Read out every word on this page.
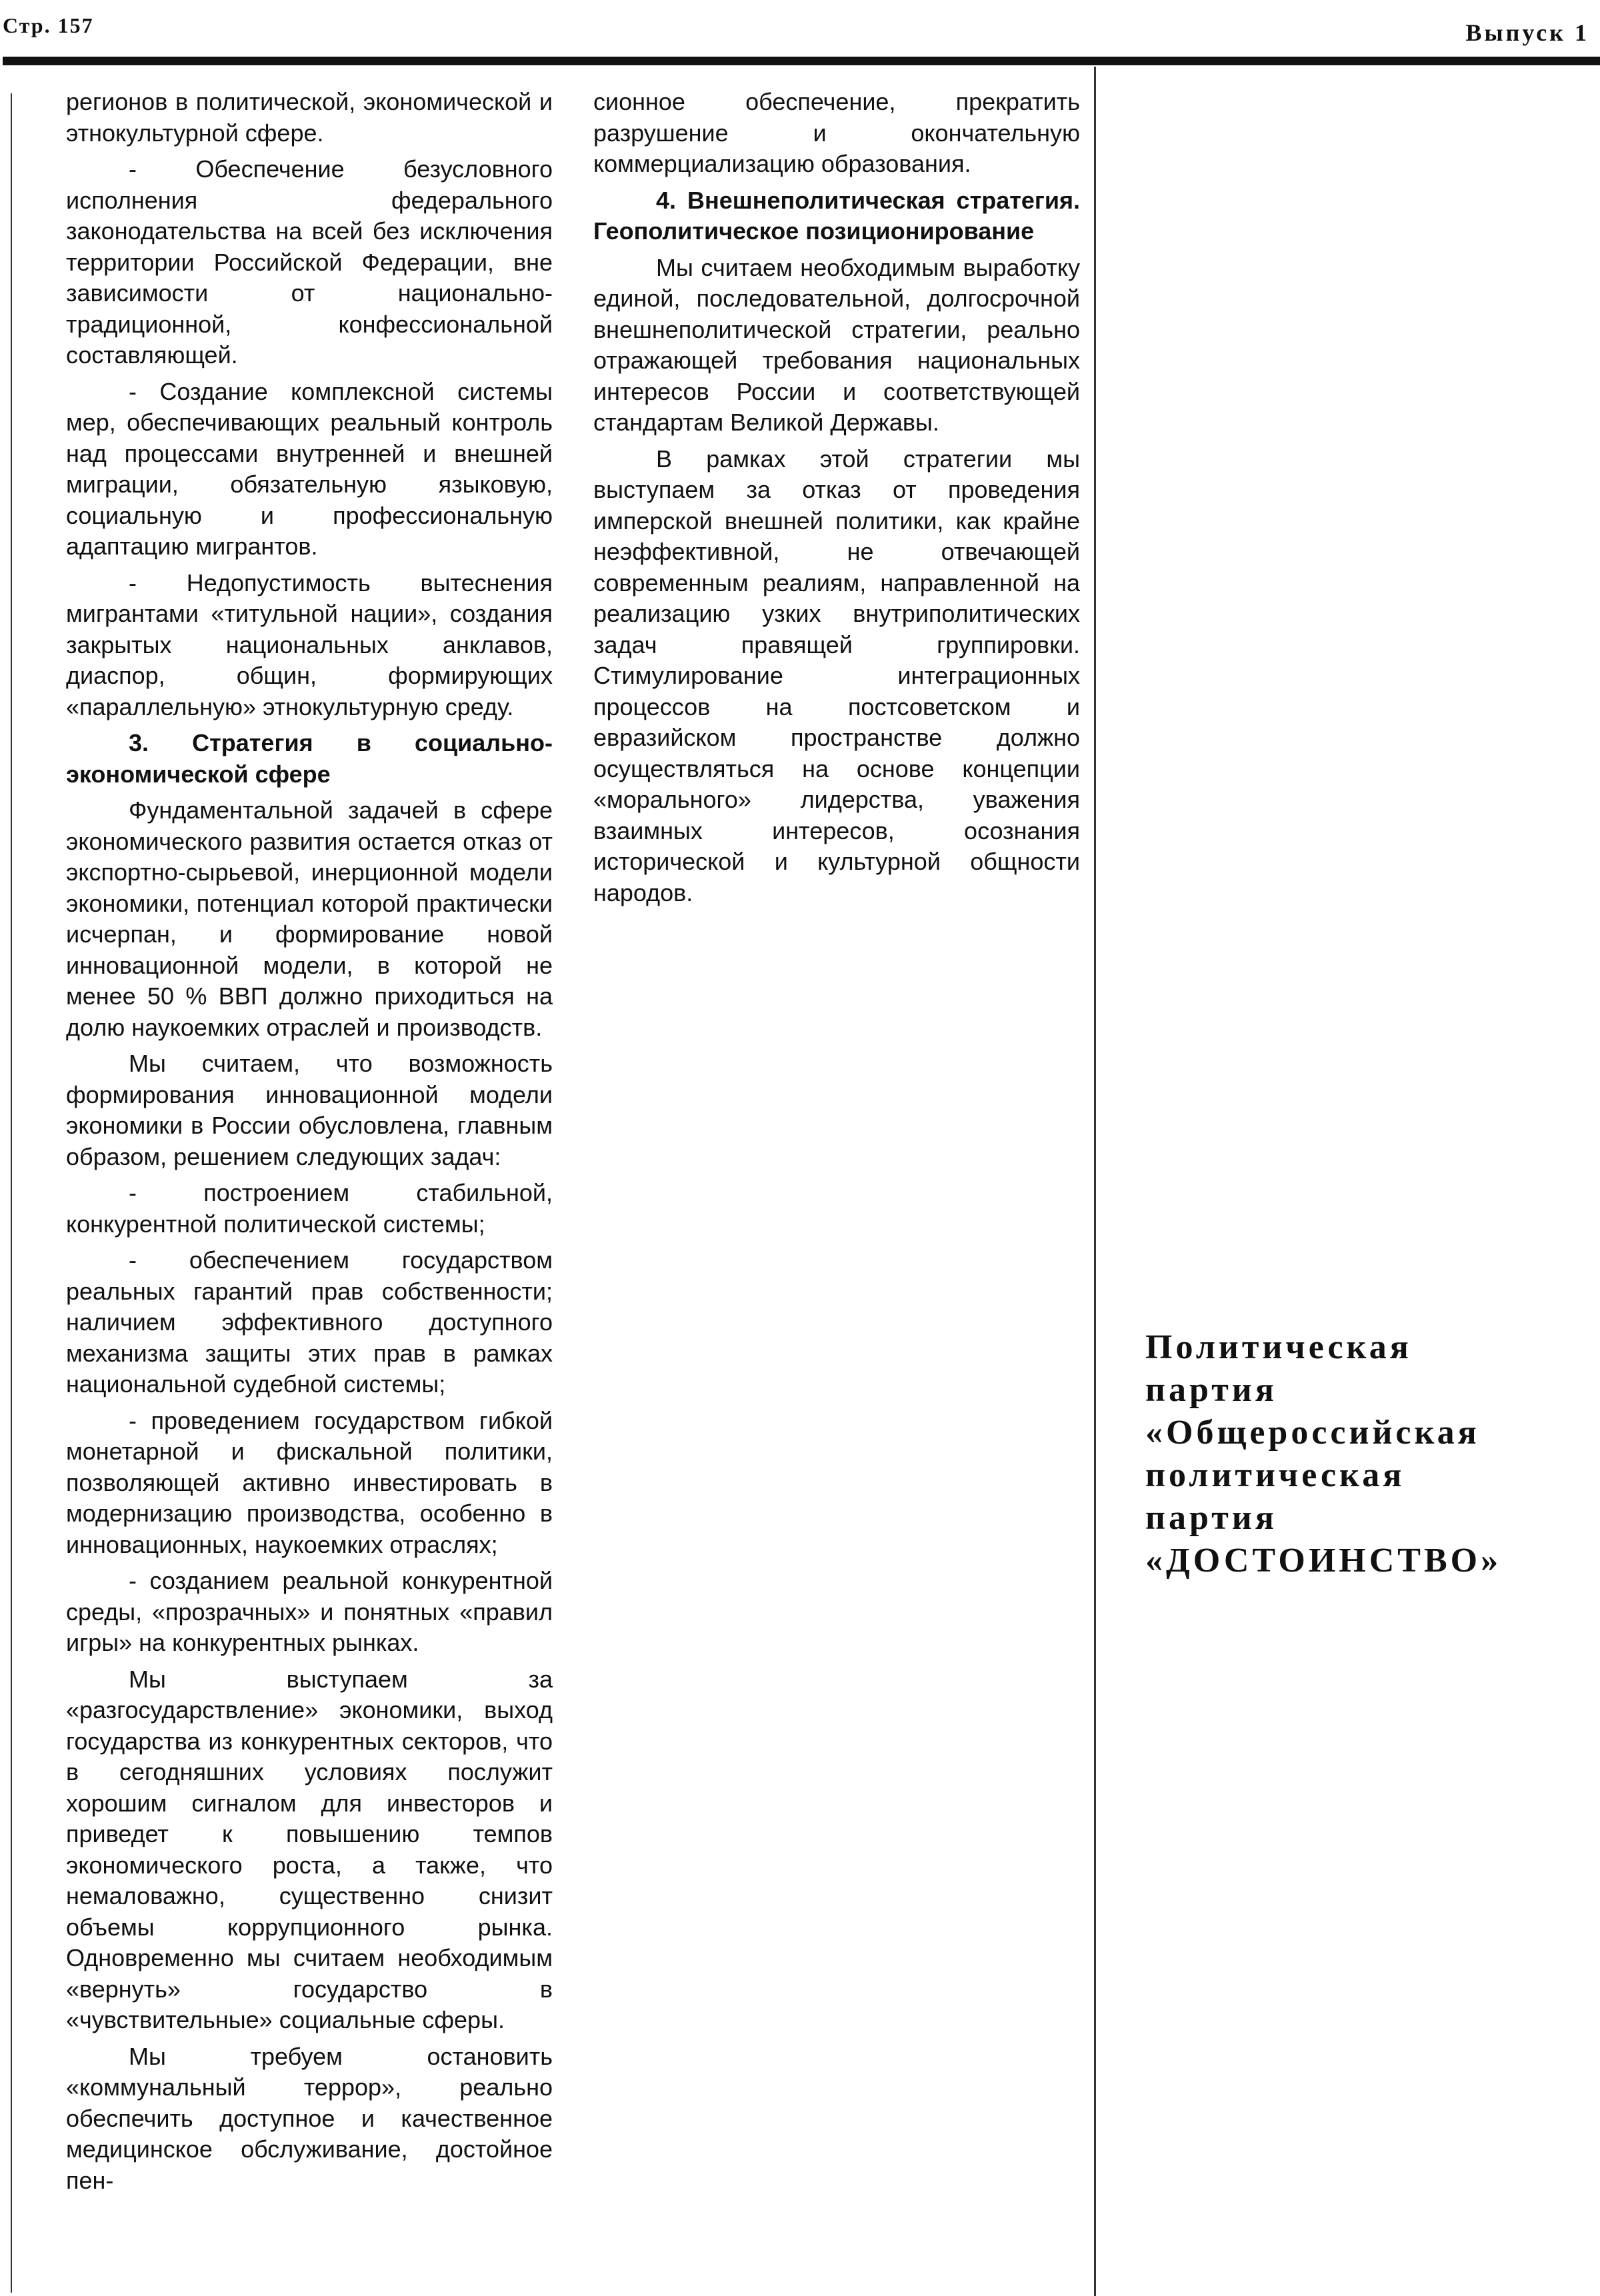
Стр. 157	Выпуск 1

регионов в политической, экономической и этнокультурной сфере.

- Обеспечение безусловного исполнения федерального законодательства на всей без исключения территории Российской Федерации, вне зависимости от национально-традиционной, конфессиональной составляющей.

- Создание комплексной системы мер, обеспечивающих реальный контроль над процессами внутренней и внешней миграции, обязательную языковую, социальную и профессиональную адаптацию мигрантов.

- Недопустимость вытеснения мигрантами «титульной нации», создания закрытых национальных анклавов, диаспор, общин, формирующих «параллельную» этнокультурную среду.

3. Стратегия в социально-экономической сфере

Фундаментальной задачей в сфере экономического развития остается отказ от экспортно-сырьевой, инерционной модели экономики, потенциал которой практически исчерпан, и формирование новой инновационной модели, в которой не менее 50 % ВВП должно приходиться на долю наукоемких отраслей и производств.

Мы считаем, что возможность формирования инновационной модели экономики в России обусловлена, главным образом, решением следующих задач:

- построением стабильной, конкурентной политической системы;

- обеспечением государством реальных гарантий прав собственности; наличием эффективного доступного механизма защиты этих прав в рамках национальной судебной системы;

- проведением государством гибкой монетарной и фискальной политики, позволяющей активно инвестировать в модернизацию производства, особенно в инновационных, наукоемких отраслях;

- созданием реальной конкурентной среды, «прозрачных» и понятных «правил игры» на конкурентных рынках.

Мы выступаем за «разгосударствление» экономики, выход государства из конкурентных секторов, что в сегодняшних условиях послужит хорошим сигналом для инвесторов и приведет к повышению темпов экономического роста, а также, что немаловажно, существенно снизит объемы коррупционного рынка. Одновременно мы считаем необходимым «вернуть» государство в «чувствительные» социальные сферы.

Мы требуем остановить «коммунальный террор», реально обеспечить доступное и качественное медицинское обслуживание, достойное пен-

сионное обеспечение, прекратить разрушение и окончательную коммерциализацию образования.

4. Внешнеполитическая стратегия. Геополитическое позиционирование

Мы считаем необходимым выработку единой, последовательной, долгосрочной внешнеполитической стратегии, реально отражающей требования национальных интересов России и соответствующей стандартам Великой Державы.

В рамках этой стратегии мы выступаем за отказ от проведения имперской внешней политики, как крайне неэффективной, не отвечающей современным реалиям, направленной на реализацию узких внутриполитических задач правящей группировки. Стимулирование интеграционных процессов на постсоветском и евразийском пространстве должно осуществляться на основе концепции «морального» лидерства, уважения взаимных интересов, осознания исторической и культурной общности народов.

Политическая
партия
«Общероссийская
политическая
партия
«ДОСТОИНСТВО»
